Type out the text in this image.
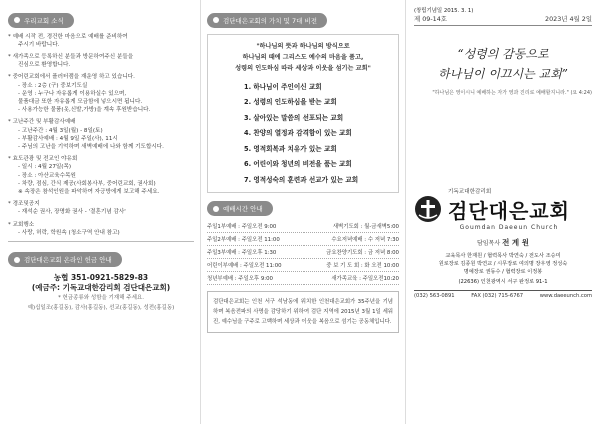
우리교회 소식
* 예배 시작 전, 경건한 마음으로 예배를 준비하여
주시기 바랍니다.
* 새가족으로 등록하신 분들과 방문하여주신 분들을
진심으로 환영합니다.
* 중어린교회에서 플러터캠을 재운영 하고 있습니다.
- 장소 : 2층 (구) 중보기도실
- 운영 : 누구나 자유롭게 이용하실수 있으며,
물품대금 또한 자유롭게 모금함에 넣으시면 됩니다.
- 사용가능한 물품(옷,신발,가방)을 계속 후원받습니다.
* 고난주간 및 부활감사예배
- 고난주간 : 4월 3일(월) - 8일(토)
- 부활감사예배 : 4월 9일 주일(사), 11시
- 주님의 고난을 기억하며 새벽예배에 나와 함께 기도합시다.
* 효도관광 및 전교인 야유회
- 일시 : 4월 27일(목)
- 장소 : 아산교육수목원
- 차량, 점심, 간식 제공(사회봉사부, 중어린교회, 권사회)
※ 속장은 참석인원을 파악하여 자긍방에게 보고해 주세요.
* 경조및공지
- 재석순 권사, 장명화 권사 - '결혼기념 감사'
* 교회행소
- 사랑, 허락, 학원속 (청소구역 안내 참고)
검단대은교회 온라인 헌금 안내
농협 351-0921-5829-83
(예금주: 기독교대한감리회 검단대은교회)
* 헌금종류와 성함을 기재해 주세요.
예)십일조(홍길동), 감사(홍길동), 선교(홍길동), 성전(홍길동)
검단대은교회의 가치 및 7대 비전
"하나님의 뜻과 하나님의 방식으로
하나님의 때에 그리스도 예수의 마음을 품고,
성령의 인도하심 따라 세상과 이웃을 섬기는 교회"
1. 하나님이 주인이신 교회
2. 성령의 인도하심을 받는 교회
3. 살아있는 말씀의 선포되는 교회
4. 찬양의 열정과 감격함이 있는 교회
5. 영적회복과 치유가 있는 교회
6. 어린이와 청년의 비전을 품는 교회
7. 영적성숙의 훈련과 선교가 있는 교회
예배시간 안내
주일1부예배 : 주일오전 9:00	새벽기도회 : 월-금새벽5:00
주일2부예배 : 주일오전 11:00	수요저녁예배 : 수 저녁 7:30
주일3부예배 : 주일오후 1:30	금요찬양기도회 : 금 저녁 8:00
어린이부예배 : 주일오전 11:00	중 보 기 도 회 : 화 오전 10:00
청년부예배 : 주일오후 9:00	새가족교육 : 주일오전10:20
검단대은교회는 인천 서구 석남동에 위치한 인천대은교회가 35주년을 기념하며 복음전파의 사명을 감당하기 위하여 검단 지역에 2015년 3월 1일 세워진, 예수님을 구주로 고백하며 세상과 이웃을 복음으로 섬기는 공동체입니다.
(창립기념일 2015. 3. 1)
제 09-14호	2023년 4월 2일
“성령의 감동으로
하나님이 이끄시는 교회”
"하나님은 영이시니 예배하는 자가 영과 진리로 예배할지니라." (요 4:24)
기독교대한감리회
검단대은교회
Goumdan Daeeun Church
담임목사 전 계 원
교육목사 한재원 / 협력목사 박연숙 / 전도사 조승미
원로장로 김종원 박연교 / 시무장로 여의명 장우영 정성숙
명예장로 권동수 / 협력장로 이정봉
(22636) 인천광역시 서구 완정로 91-1
(032) 563-0891	FAX (032) 715-6767	www.daeeunch.com
